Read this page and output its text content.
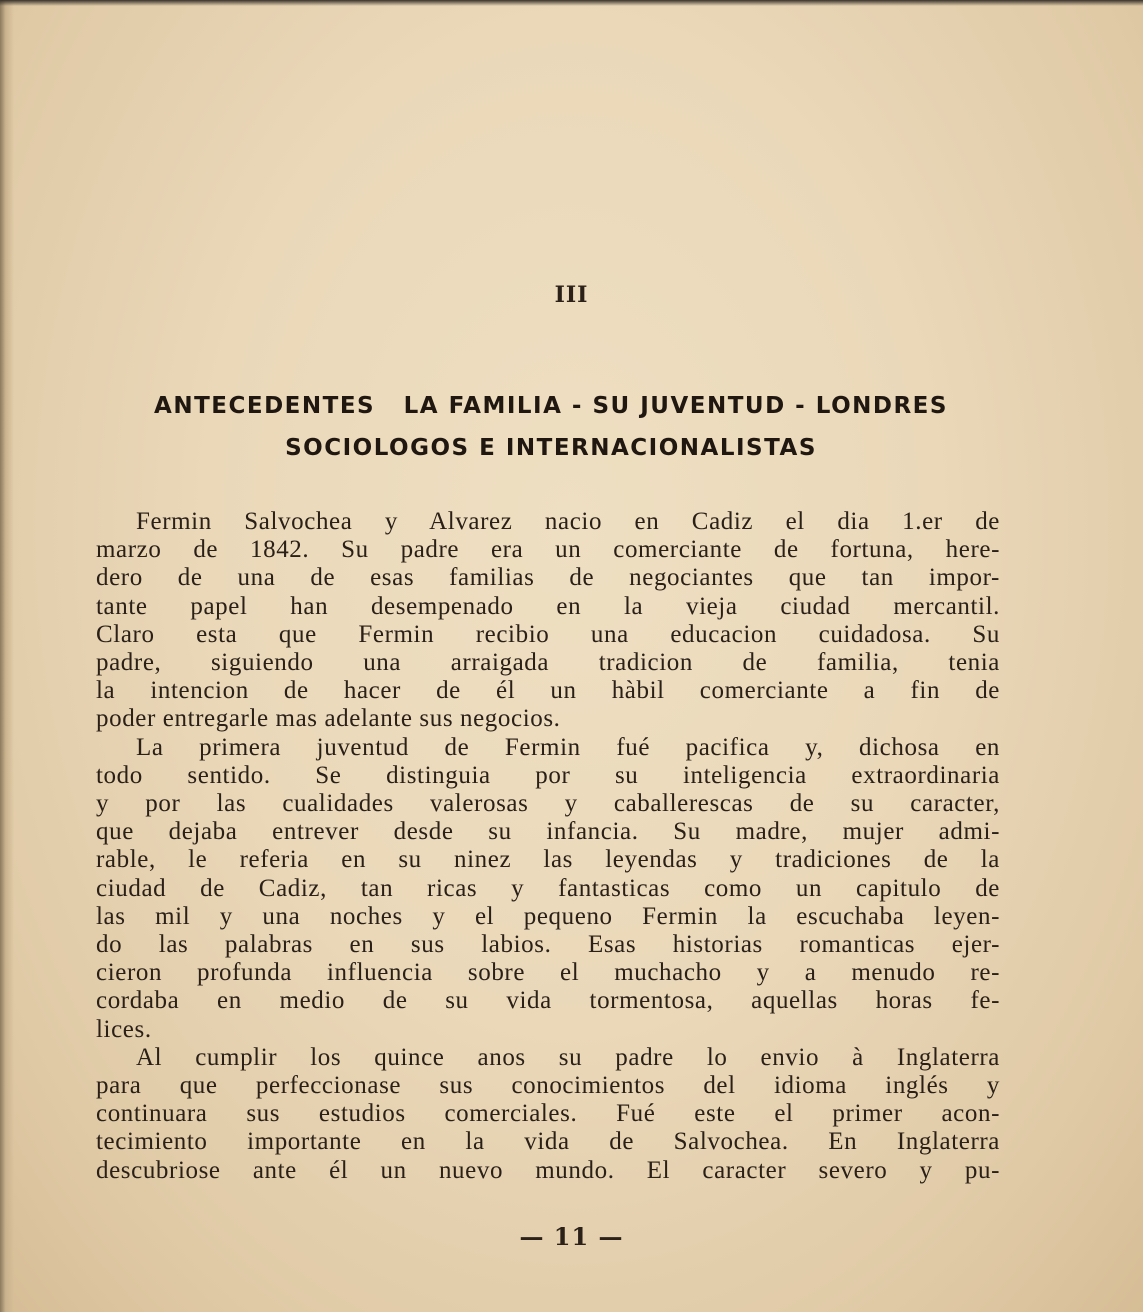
III
ANTECEDENTES   LA FAMILIA - SU JUVENTUD - LONDRES
SOCIOLOGOS E INTERNACIONALISTAS
Fermin Salvochea y Alvarez nacio en Cadiz el dia 1.er de
marzo de 1842. Su padre era un comerciante de fortuna, here-
dero de una de esas familias de negociantes que tan impor-
tante papel han desempenado en la vieja ciudad mercantil.
Claro esta que Fermin recibio una educacion cuidadosa. Su
padre, siguiendo una arraigada tradicion de familia, tenia
la intencion de hacer de él un hàbil comerciante a fin de
poder entregarle mas adelante sus negocios.
La primera juventud de Fermin fué pacifica y, dichosa en
todo sentido. Se distinguia por su inteligencia extraordinaria
y por las cualidades valerosas y caballerescas de su caracter,
que dejaba entrever desde su infancia. Su madre, mujer admi-
rable, le referia en su ninez las leyendas y tradiciones de la
ciudad de Cadiz, tan ricas y fantasticas como un capitulo de
las mil y una noches y el pequeno Fermin la escuchaba leyen-
do las palabras en sus labios. Esas historias romanticas ejer-
cieron profunda influencia sobre el muchacho y a menudo re-
cordaba en medio de su vida tormentosa, aquellas horas fe-
lices.
Al cumplir los quince anos su padre lo envio à Inglaterra
para que perfeccionase sus conocimientos del idioma inglés y
continuara sus estudios comerciales. Fué este el primer acon-
tecimiento importante en la vida de Salvochea. En Inglaterra
descubriose ante él un nuevo mundo. El caracter severo y pu-
— 11 —
